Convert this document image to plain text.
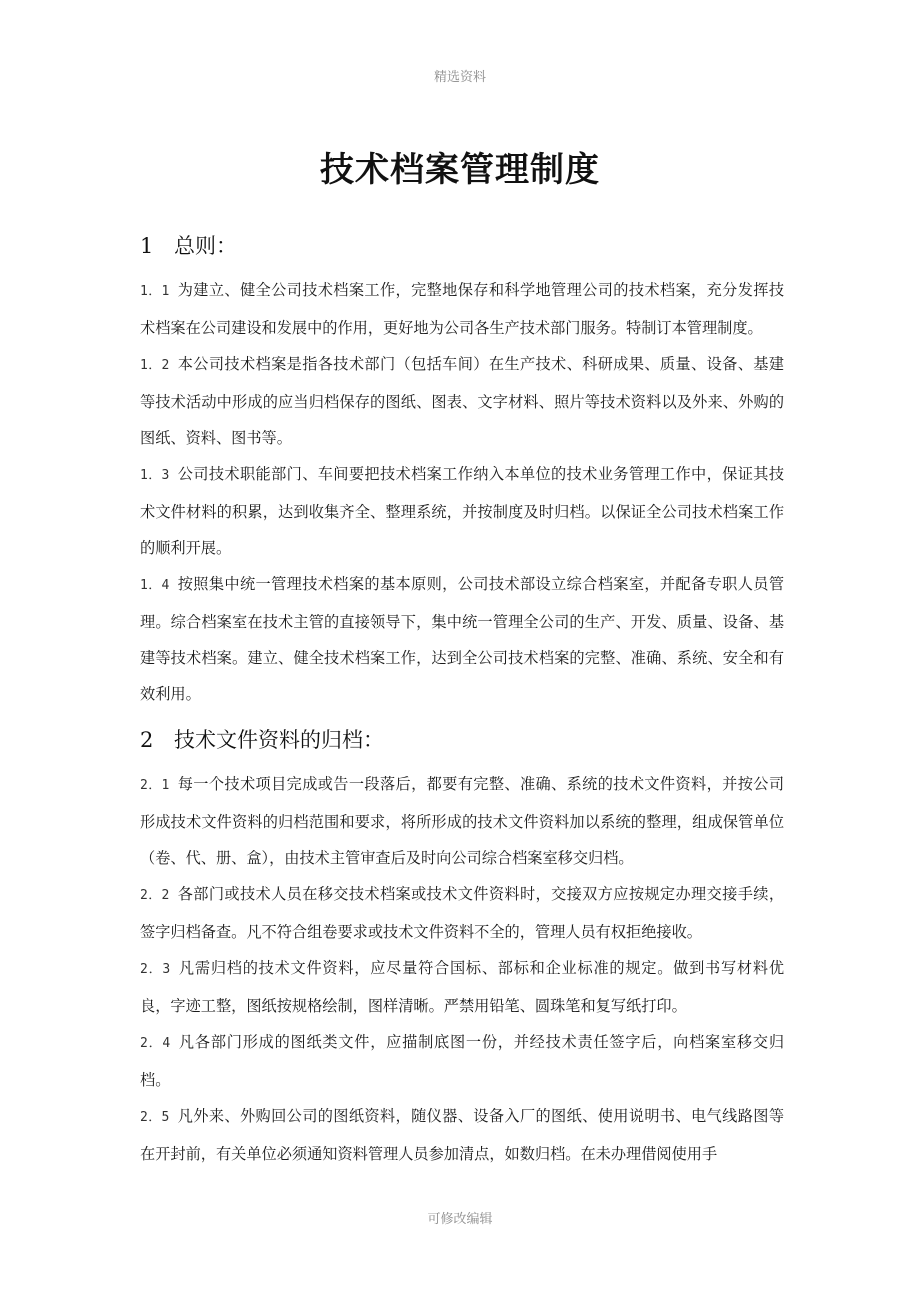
精选资料
技术档案管理制度
1 总则：

1．1 为建立、健全公司技术档案工作，完整地保存和科学地管理公司的技术档案，充分发挥技术档案在公司建设和发展中的作用，更好地为公司各生产技术部门服务。特制订本管理制度。

1．2 本公司技术档案是指各技术部门（包括车间）在生产技术、科研成果、质量、设备、基建等技术活动中形成的应当归档保存的图纸、图表、文字材料、照片等技术资料以及外来、外购的图纸、资料、图书等。

1．3 公司技术职能部门、车间要把技术档案工作纳入本单位的技术业务管理工作中，保证其技术文件材料的积累，达到收集齐全、整理系统，并按制度及时归档。以保证全公司技术档案工作的顺利开展。

1．4 按照集中统一管理技术档案的基本原则，公司技术部设立综合档案室，并配备专职人员管理。综合档案室在技术主管的直接领导下，集中统一管理全公司的生产、开发、质量、设备、基建等技术档案。建立、健全技术档案工作，达到全公司技术档案的完整、准确、系统、安全和有效利用。

2 技术文件资料的归档：

2．1 每一个技术项目完成或告一段落后，都要有完整、准确、系统的技术文件资料，并按公司形成技术文件资料的归档范围和要求，将所形成的技术文件资料加以系统的整理，组成保管单位（卷、代、册、盒），由技术主管审查后及时向公司综合档案室移交归档。

2．2 各部门或技术人员在移交技术档案或技术文件资料时，交接双方应按规定办理交接手续，签字归档备查。凡不符合组卷要求或技术文件资料不全的，管理人员有权拒绝接收。

2．3 凡需归档的技术文件资料，应尽量符合国标、部标和企业标准的规定。做到书写材料优良，字迹工整，图纸按规格绘制，图样清晰。严禁用铅笔、圆珠笔和复写纸打印。

2．4 凡各部门形成的图纸类文件，应描制底图一份，并经技术责任签字后，向档案室移交归档。

2．5 凡外来、外购回公司的图纸资料，随仪器、设备入厂的图纸、使用说明书、电气线路图等在开封前，有关单位必须通知资料管理人员参加清点，如数归档。在未办理借阅使用手

可修改编辑
